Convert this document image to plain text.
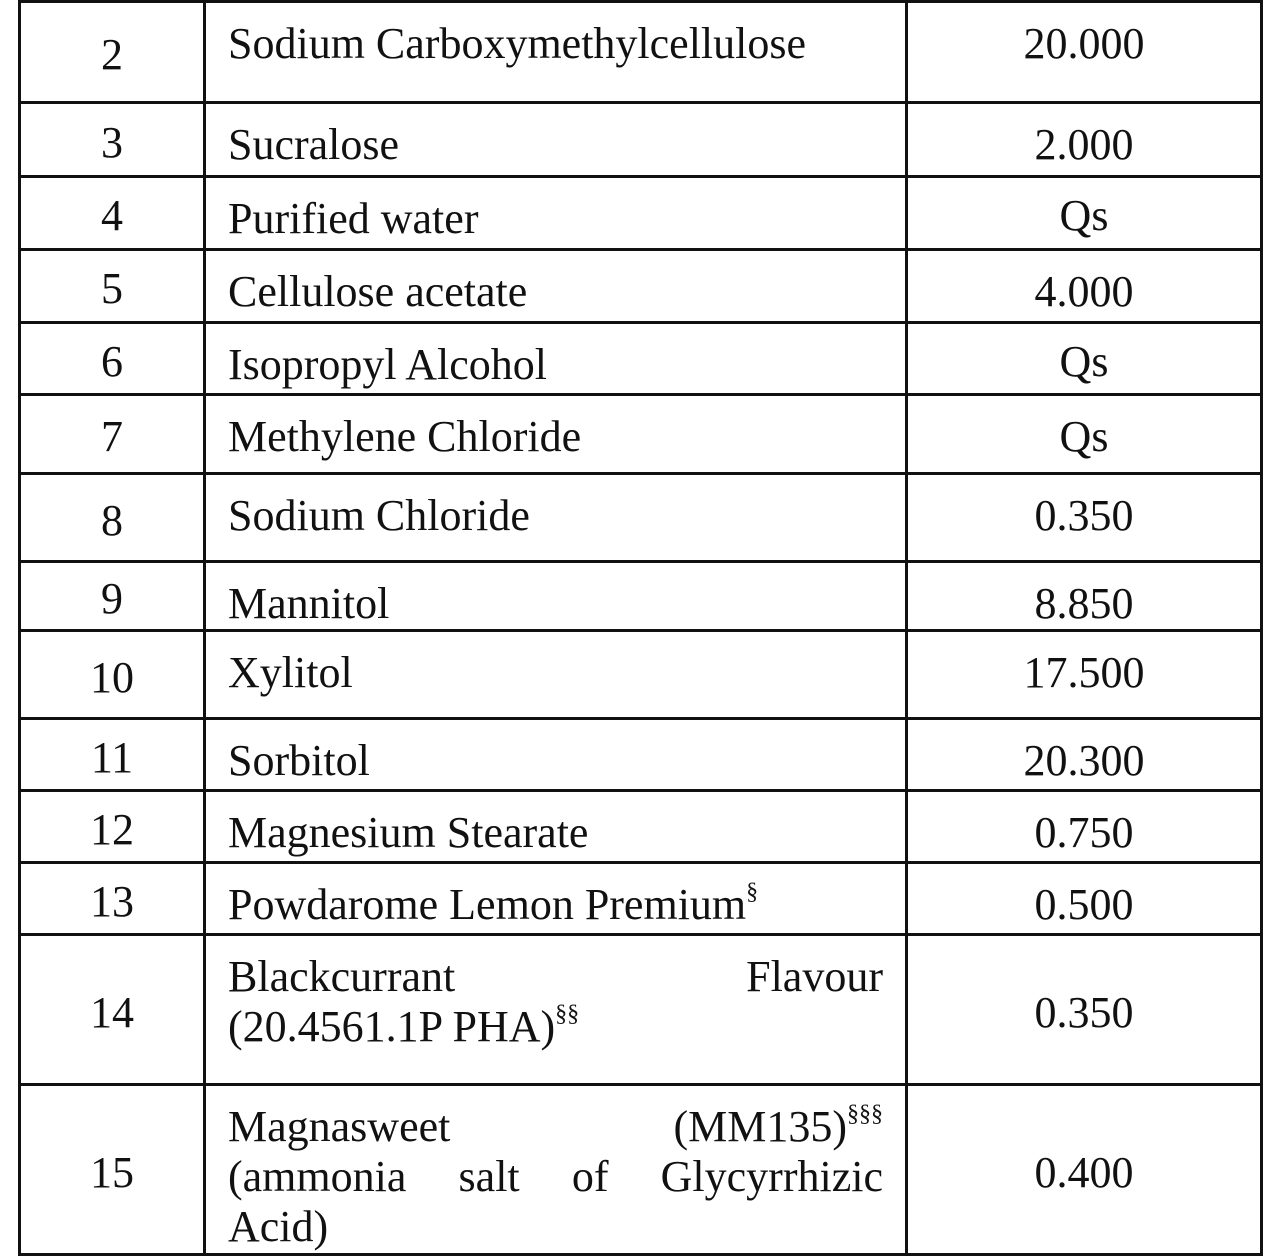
2	Sodium Carboxymethylcellulose	20.000
3	Sucralose	2.000
4	Purified water	Qs
5	Cellulose acetate	4.000
6	Isopropyl Alcohol	Qs
7	Methylene Chloride	Qs
8	Sodium Chloride	0.350
9	Mannitol	8.850
10	Xylitol	17.500
11	Sorbitol	20.300
12	Magnesium Stearate	0.750
13	Powdarome Lemon Premium§	0.500
14	Blackcurrant Flavour
(20.4561.1P PHA)§§	0.350
15	Magnasweet (MM135)§§§
(ammonia salt of Glycyrrhizic
Acid)	0.400
